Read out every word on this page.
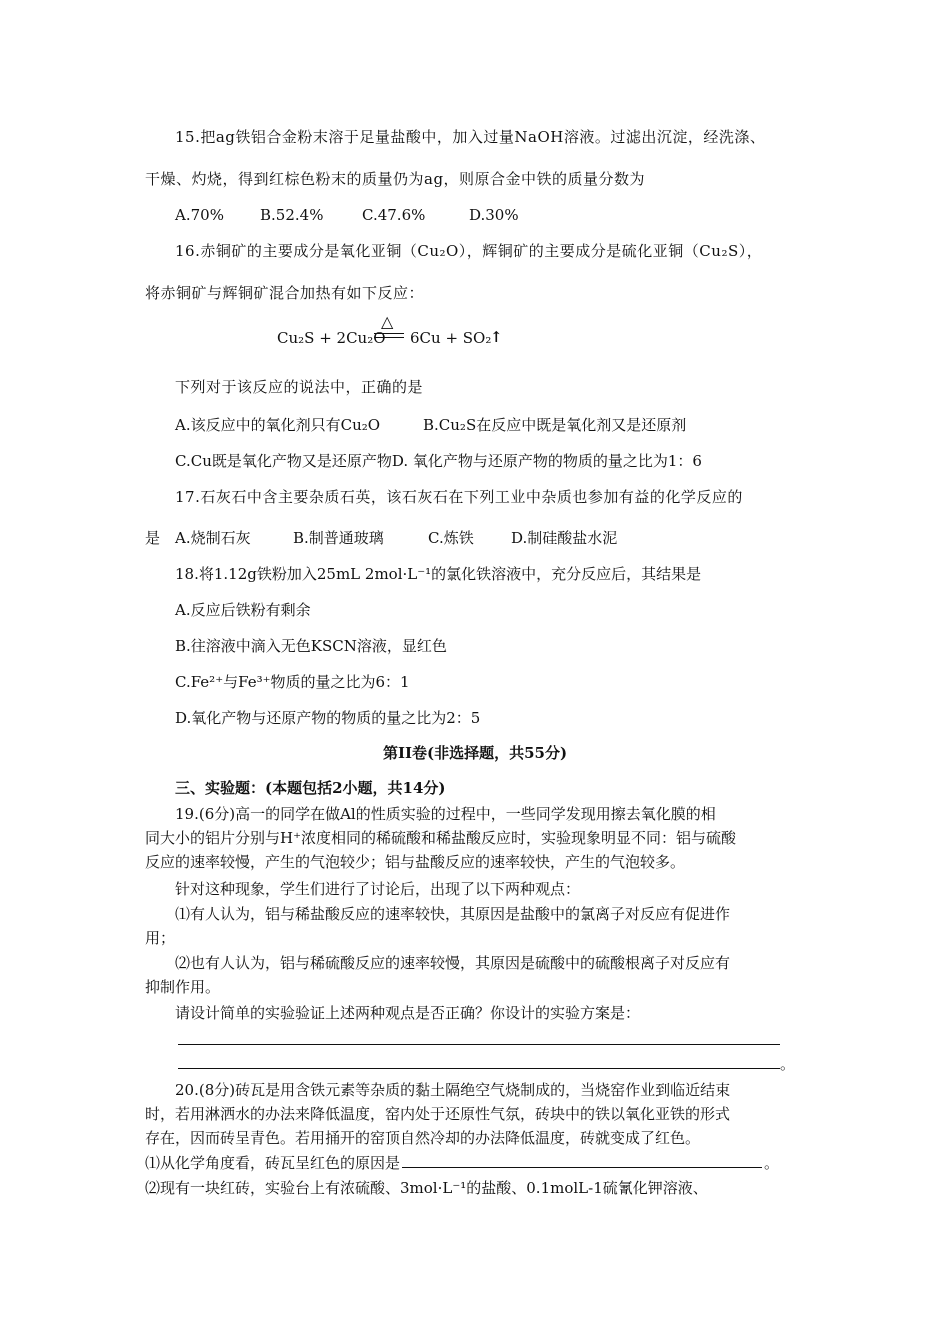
15.把ag铁铝合金粉末溶于足量盐酸中，加入过量NaOH溶液。过滤出沉淀，经洗涤、
干燥、灼烧，得到红棕色粉末的质量仍为ag，则原合金中铁的质量分数为
A.70% B.52.4%	C.47.6%	D.30%
16.赤铜矿的主要成分是氧化亚铜（Cu₂O），辉铜矿的主要成分是硫化亚铜（Cu₂S），
将赤铜矿与辉铜矿混合加热有如下反应：
Cu₂S + 2Cu₂O
△
6Cu + SO₂
↑
下列对于该反应的说法中，正确的是
A.该反应中的氧化剂只有Cu₂O	B.Cu₂S在反应中既是氧化剂又是还原剂
C.Cu既是氧化产物又是还原产物D. 氧化产物与还原产物的物质的量之比为1：6
17.石灰石中含主要杂质石英，该石灰石在下列工业中杂质也参加有益的化学反应的
是 A.烧制石灰	B.制普通玻璃	C.炼铁 D.制硅酸盐水泥
18.将1.12g铁粉加入25mL 2mol·L⁻¹的氯化铁溶液中，充分反应后，其结果是
A.反应后铁粉有剩余
B.往溶液中滴入无色KSCN溶液，显红色
C.Fe²⁺与Fe³⁺物质的量之比为6：1
D.氧化产物与还原产物的物质的量之比为2：5
第II卷(非选择题，共55分)
三、实验题：(本题包括2小题，共14分)
19.(6分)高一的同学在做Al的性质实验的过程中，一些同学发现用擦去氧化膜的相
同大小的铝片分别与H⁺浓度相同的稀硫酸和稀盐酸反应时，实验现象明显不同：铝与硫酸
反应的速率较慢，产生的气泡较少；铝与盐酸反应的速率较快，产生的气泡较多。
针对这种现象，学生们进行了讨论后，出现了以下两种观点：
⑴有人认为，铝与稀盐酸反应的速率较快，其原因是盐酸中的氯离子对反应有促进作
用；
⑵也有人认为，铝与稀硫酸反应的速率较慢，其原因是硫酸中的硫酸根离子对反应有
抑制作用。
请设计简单的实验验证上述两种观点是否正确？你设计的实验方案是：
。
20.(8分)砖瓦是用含铁元素等杂质的黏土隔绝空气烧制成的，当烧窑作业到临近结束
时，若用淋洒水的办法来降低温度，窑内处于还原性气氛，砖块中的铁以氧化亚铁的形式
存在，因而砖呈青色。若用捅开的窑顶自然冷却的办法降低温度，砖就变成了红色。
⑴从化学角度看，砖瓦呈红色的原因是	。
⑵现有一块红砖，实验台上有浓硫酸、3mol·L⁻¹的盐酸、0.1molL-1硫氰化钾溶液、
